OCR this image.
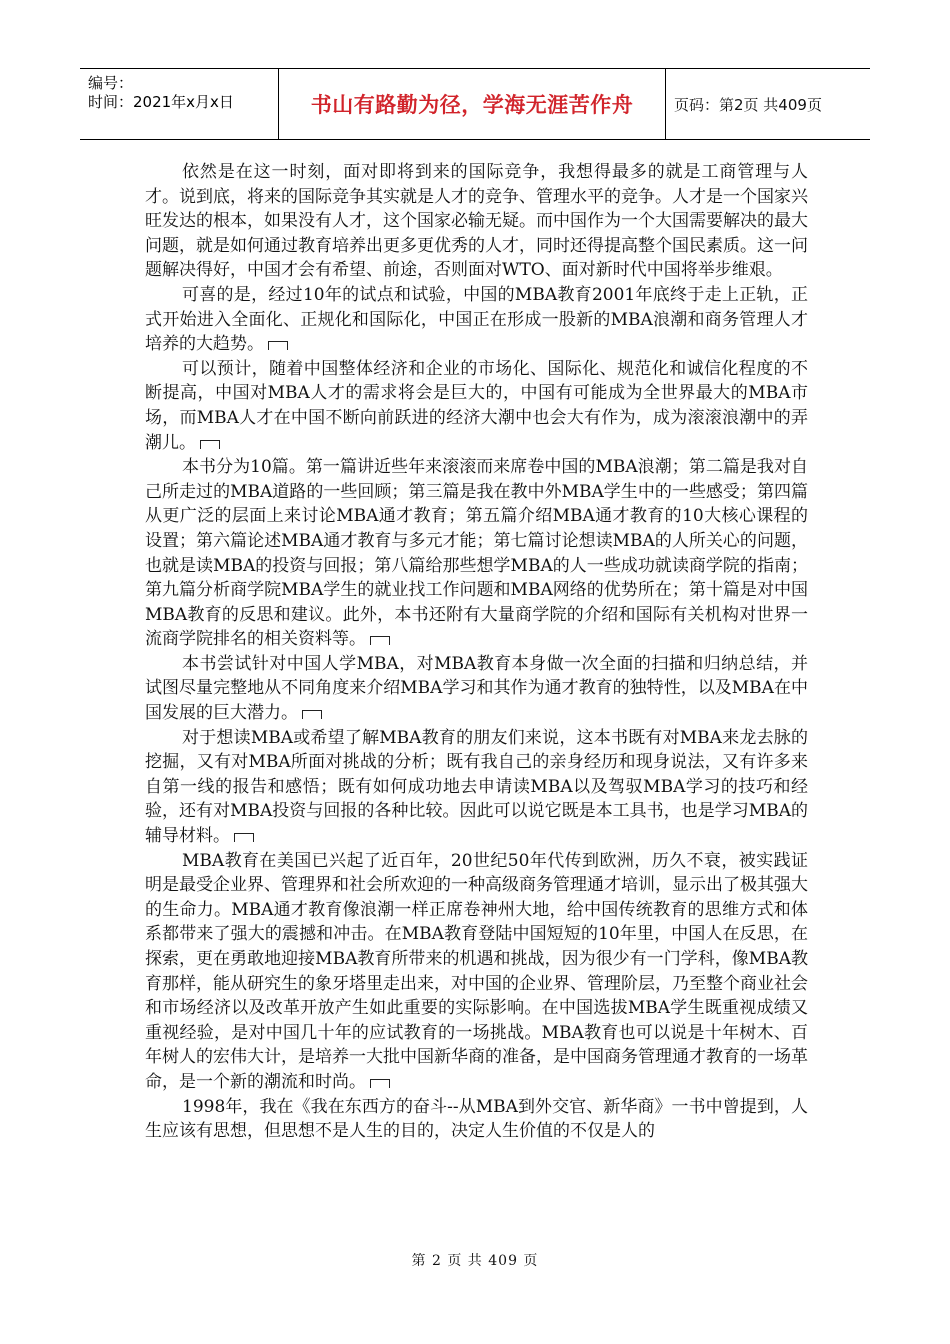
编号：
时间：2021年x月x日	书山有路勤为径，学海无涯苦作舟	页码：第2页 共409页

依然是在这一时刻，面对即将到来的国际竞争，我想得最多的就是工商管理与人才。说到底，将来的国际竞争其实就是人才的竞争、管理水平的竞争。人才是一个国家兴旺发达的根本，如果没有人才，这个国家必输无疑。而中国作为一个大国需要解决的最大问题，就是如何通过教育培养出更多更优秀的人才，同时还得提高整个国民素质。这一问题解决得好，中国才会有希望、前途，否则面对WTO、面对新时代中国将举步维艰。

可喜的是，经过10年的试点和试验，中国的MBA教育2001年底终于走上正轨，正式开始进入全面化、正规化和国际化，中国正在形成一股新的MBA浪潮和商务管理人才培养的大趋势。

可以预计，随着中国整体经济和企业的市场化、国际化、规范化和诚信化程度的不断提高，中国对MBA人才的需求将会是巨大的，中国有可能成为全世界最大的MBA市场，而MBA人才在中国不断向前跃进的经济大潮中也会大有作为，成为滚滚浪潮中的弄潮儿。

本书分为10篇。第一篇讲近些年来滚滚而来席卷中国的MBA浪潮；第二篇是我对自己所走过的MBA道路的一些回顾；第三篇是我在教中外MBA学生中的一些感受；第四篇从更广泛的层面上来讨论MBA通才教育；第五篇介绍MBA通才教育的10大核心课程的设置；第六篇论述MBA通才教育与多元才能；第七篇讨论想读MBA的人所关心的问题，也就是读MBA的投资与回报；第八篇给那些想学MBA的人一些成功就读商学院的指南；第九篇分析商学院MBA学生的就业找工作问题和MBA网络的优势所在；第十篇是对中国MBA教育的反思和建议。此外，本书还附有大量商学院的介绍和国际有关机构对世界一流商学院排名的相关资料等。

本书尝试针对中国人学MBA，对MBA教育本身做一次全面的扫描和归纳总结，并试图尽量完整地从不同角度来介绍MBA学习和其作为通才教育的独特性，以及MBA在中国发展的巨大潜力。

对于想读MBA或希望了解MBA教育的朋友们来说，这本书既有对MBA来龙去脉的挖掘，又有对MBA所面对挑战的分析；既有我自己的亲身经历和现身说法，又有许多来自第一线的报告和感悟；既有如何成功地去申请读MBA以及驾驭MBA学习的技巧和经验，还有对MBA投资与回报的各种比较。因此可以说它既是本工具书，也是学习MBA的辅导材料。

MBA教育在美国已兴起了近百年，20世纪50年代传到欧洲，历久不衰，被实践证明是最受企业界、管理界和社会所欢迎的一种高级商务管理通才培训，显示出了极其强大的生命力。MBA通才教育像浪潮一样正席卷神州大地，给中国传统教育的思维方式和体系都带来了强大的震撼和冲击。在MBA教育登陆中国短短的10年里，中国人在反思，在探索，更在勇敢地迎接MBA教育所带来的机遇和挑战，因为很少有一门学科，像MBA教育那样，能从研究生的象牙塔里走出来，对中国的企业界、管理阶层，乃至整个商业社会和市场经济以及改革开放产生如此重要的实际影响。在中国选拔MBA学生既重视成绩又重视经验，是对中国几十年的应试教育的一场挑战。MBA教育也可以说是十年树木、百年树人的宏伟大计，是培养一大批中国新华商的准备，是中国商务管理通才教育的一场革命，是一个新的潮流和时尚。

1998年，我在《我在东西方的奋斗--从MBA到外交官、新华商》一书中曾提到，人生应该有思想，但思想不是人生的目的，决定人生价值的不仅是人的

第 2 页 共 409 页
